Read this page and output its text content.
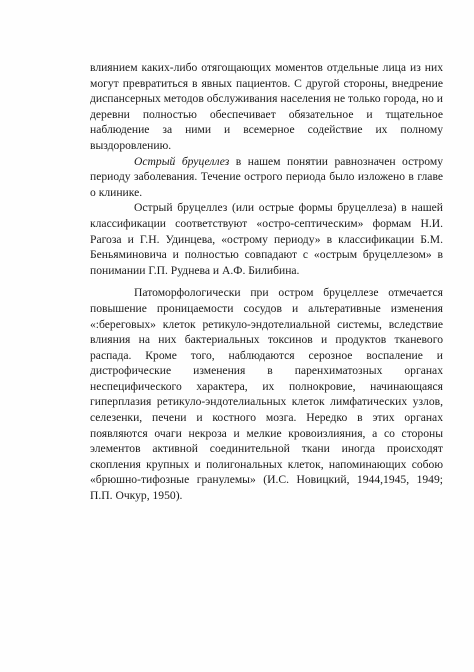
влиянием каких-либо отягощающих моментов отдельные лица из них могут превратиться в явных пациентов. С другой стороны, внедрение диспансерных методов обслуживания населения не только города, но и деревни полностью обеспечивает обязательное и тщательное наблюдение за ними и всемерное содействие их полному выздоровлению.

Острый бруцеллез в нашем понятии равнозначен острому периоду заболевания. Течение острого периода было изложено в главе о клинике.

Острый бруцеллез (или острые формы бруцеллеза) в нашей классификации соответствуют «остро-септическим» формам Н.И. Рагоза и Г.Н. Удинцева, «острому периоду» в классификации Б.М. Беньяминовича и полностью совпадают с «острым бруцеллезом» в понимании Г.П. Руднева и А.Ф. Билибина.

Патоморфологически при остром бруцеллезе отмечается повышение проницаемости сосудов и альтеративные изменения «:береговых» клеток ретикуло-эндотелиальной системы, вследствие влияния на них бактериальных токсинов и продуктов тканевого распада. Кроме того, наблюдаются серозное воспаление и дистрофические изменения в паренхиматозных органах неспецифического характера, их полнокровие, начинающаяся гиперплазия ретикуло-эндотелиальных клеток лимфатических узлов, селезенки, печени и костного мозга. Нередко в этих органах появляются очаги некроза и мелкие кровоизлияния, а со стороны элементов активной соединительной ткани иногда происходят скопления крупных и полигональных клеток, напоминающих собою «брюшно-тифозные гранулемы» (И.С. Новицкий, 1944,1945, 1949; П.П. Очкур, 1950).
